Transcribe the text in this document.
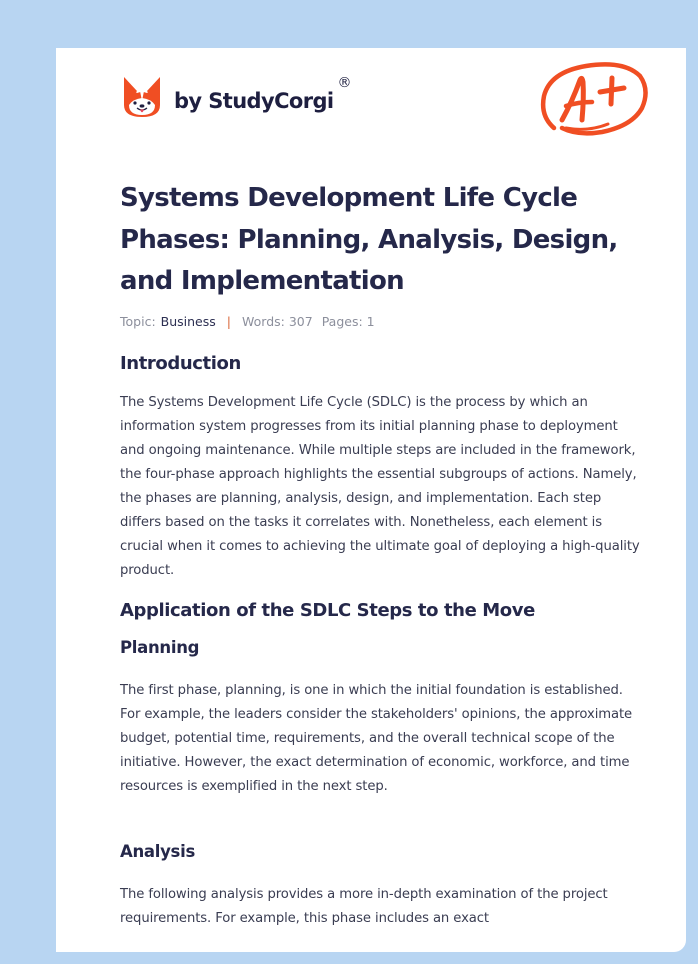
by StudyCorgi
®
Systems Development Life Cycle Phases: Planning, Analysis, Design, and Implementation
Topic: Business | Words: 307 Pages: 1
Introduction

The Systems Development Life Cycle (SDLC) is the process by which an information system progresses from its initial planning phase to deployment and ongoing maintenance. While multiple steps are included in the framework, the four-phase approach highlights the essential subgroups of actions. Namely, the phases are planning, analysis, design, and implementation. Each step differs based on the tasks it correlates with. Nonetheless, each element is crucial when it comes to achieving the ultimate goal of deploying a high-quality product.

Application of the SDLC Steps to the Move
Planning

The first phase, planning, is one in which the initial foundation is established. For example, the leaders consider the stakeholders' opinions, the approximate budget, potential time, requirements, and the overall technical scope of the initiative. However, the exact determination of economic, workforce, and time resources is exemplified in the next step.

Analysis

The following analysis provides a more in-depth examination of the project requirements. For example, this phase includes an exact
